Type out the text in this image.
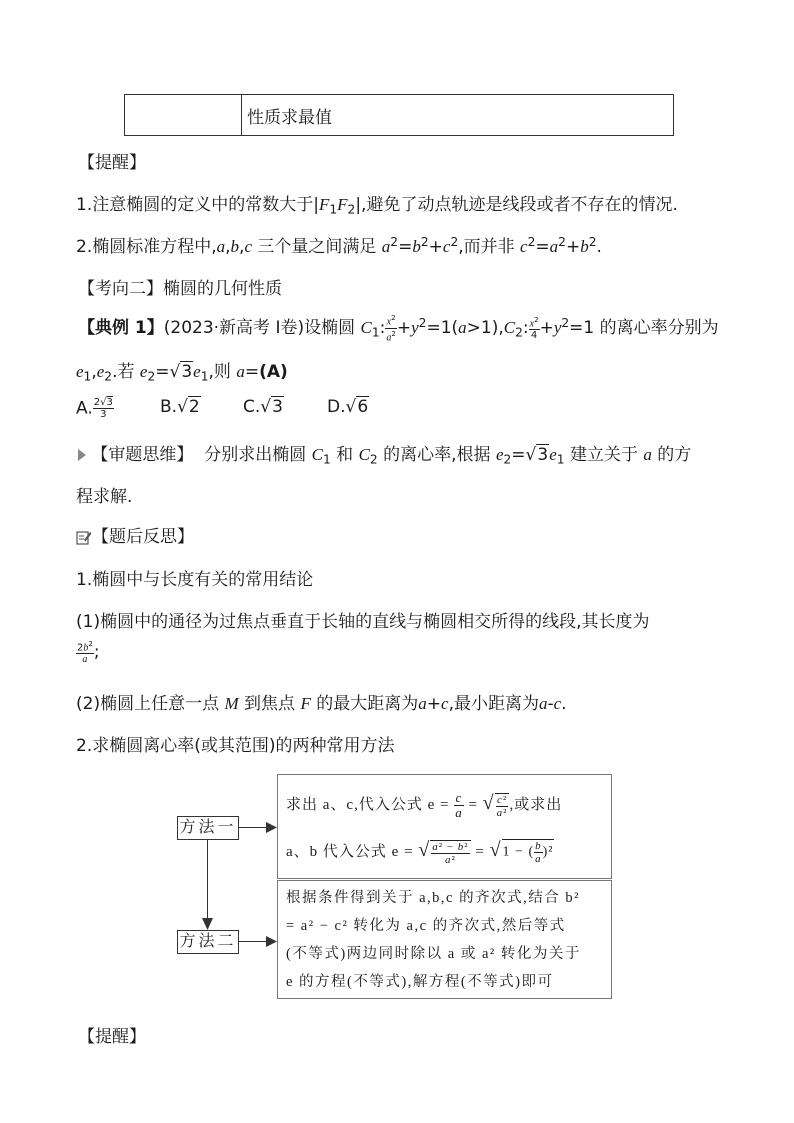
	性质求最值
【提醒】
1.注意椭圆的定义中的常数大于$|F_1F_2|$,避免了动点轨迹是线段或者不存在的情况.
2.椭圆标准方程中,a,b,c 三个量之间满足 $a^2=b^2+c^2$,而并非 $c^2=a^2+b^2$.
【考向二】椭圆的几何性质
【典例 1】(2023·新高考 Ⅰ卷)设椭圆 $C_1$: $\frac{x^2}{a^2} +y^2=1(a>1),C_2$: $\frac{x^2}{4} +y^2=1$ 的离心率分别为
$e_1,e_2$.若 $e_2=√3e_1$,则 a=(A)
A. $\frac{2√3}{3}$	B.√2	C.√3	D.√6
【审题思维】 分别求出椭圆 $C_1$ 和 $C_2$ 的离心率,根据 $e_2=√3e_1$ 建立关于 a 的方
程求解.
【题后反思】
1.椭圆中与长度有关的常用结论
(1)椭圆中的通径为过焦点垂直于长轴的直线与椭圆相交所得的线段,其长度为
$\frac{2b^2}{a}$ ;
(2)椭圆上任意一点 M 到焦点 F 的最大距离为a+c,最小距离为a-c.
2.求椭圆离心率(或其范围)的两种常用方法
方法一
方法二
求出 a、c,代入公式 $e = \frac{c}{a}$ = √ $\frac{\text{c²}}{\text{a²}}$ ,或求出
a、b 代入公式 e = √ $\frac{\text{a² − b²}}{\text{a²}} = √1$ − ( $\frac{b}{a} )^2$
根据条件得到关于 a,b,c 的齐次式,结合 b²
= a² − c² 转化为 a,c 的齐次式,然后等式
(不等式)两边同时除以 a 或 a² 转化为关于
e 的方程(不等式),解方程(不等式)即可
【提醒】
